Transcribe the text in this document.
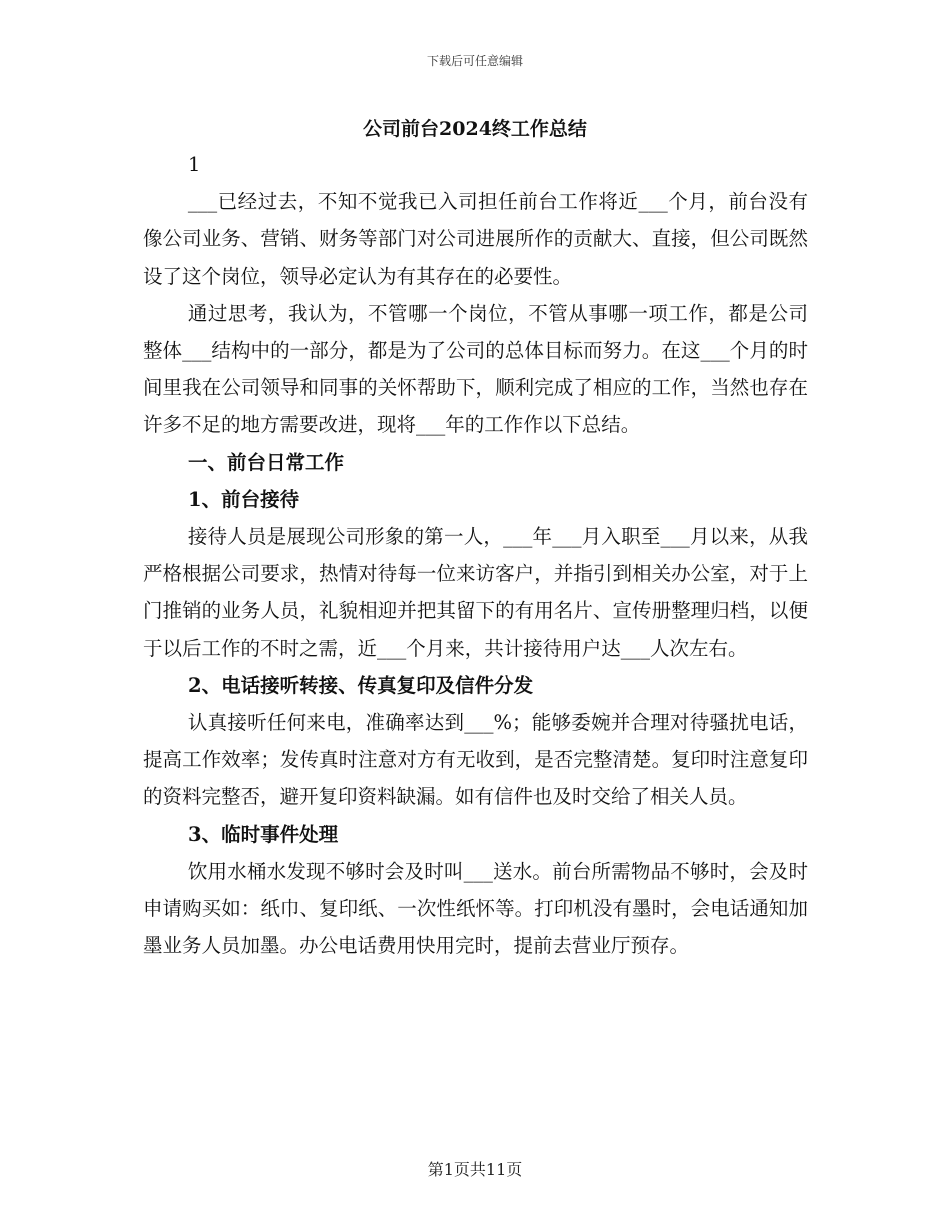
下载后可任意编辑
公司前台2024终工作总结
1

___已经过去，不知不觉我已入司担任前台工作将近___个月，前台没有像公司业务、营销、财务等部门对公司进展所作的贡献大、直接，但公司既然设了这个岗位，领导必定认为有其存在的必要性。

通过思考，我认为，不管哪一个岗位，不管从事哪一项工作，都是公司整体___结构中的一部分，都是为了公司的总体目标而努力。在这___个月的时间里我在公司领导和同事的关怀帮助下，顺利完成了相应的工作，当然也存在许多不足的地方需要改进，现将___年的工作作以下总结。

一、前台日常工作
1、前台接待

接待人员是展现公司形象的第一人，___年___月入职至___月以来，从我严格根据公司要求，热情对待每一位来访客户，并指引到相关办公室，对于上门推销的业务人员，礼貌相迎并把其留下的有用名片、宣传册整理归档，以便于以后工作的不时之需，近___个月来，共计接待用户达___人次左右。

2、电话接听转接、传真复印及信件分发

认真接听任何来电，准确率达到___%；能够委婉并合理对待骚扰电话，提高工作效率；发传真时注意对方有无收到，是否完整清楚。复印时注意复印的资料完整否，避开复印资料缺漏。如有信件也及时交给了相关人员。

3、临时事件处理

饮用水桶水发现不够时会及时叫___送水。前台所需物品不够时，会及时申请购买如：纸巾、复印纸、一次性纸怀等。打印机没有墨时，会电话通知加墨业务人员加墨。办公电话费用快用完时，提前去营业厅预存。

第1页共11页
